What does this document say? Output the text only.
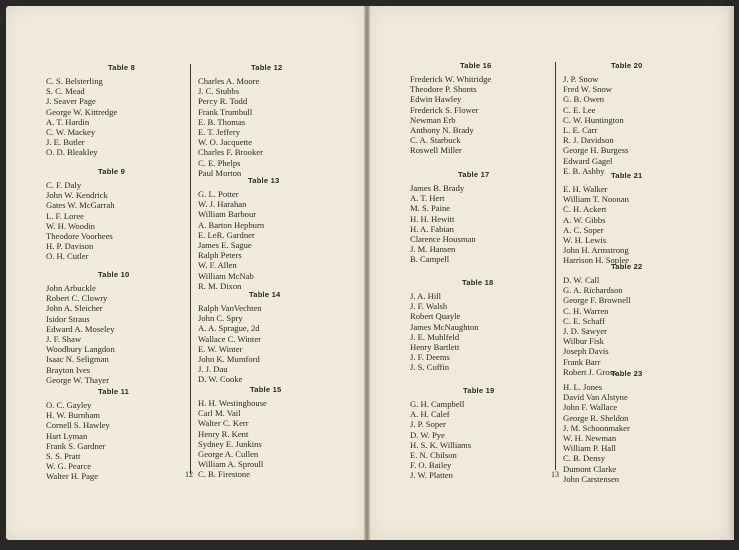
Table 8
C. S. Belsterling
S. C. Mead
J. Seaver Page
George W. Kittredge
A. T. Hardin
C. W. Mackey
J. E. Butler
O. D. Bleakley
Table 9
C. F. Daly
John W. Kendrick
Gates W. McGarrah
L. F. Loree
W. H. Woodin
Theodore Voorhees
H. P. Davison
O. H. Cutler
Table 10
John Arbuckle
Robert C. Clowry
John A. Sleicher
Isidor Straus
Edward A. Moseley
J. F. Shaw
Woodbury Langdon
Isaac N. Seligman
Brayton Ives
George W. Thayer
Table 11
O. C. Gayley
H. W. Burnham
Cornell S. Hawley
Hart Lyman
Frank S. Gardner
S. S. Pratt
W. G. Pearce
Walter H. Page
Table 12
Charles A. Moore
J. C. Stubbs
Percy R. Todd
Frank Trumbull
E. B. Thomas
E. T. Jeffery
W. O. Jacquette
Charles F. Brooker
C. E. Phelps
Paul Morton
Table 13
G. L. Potter
W. J. Harahan
William Barbour
A. Barton Hepburn
E. LeR. Gardner
James E. Sague
Ralph Peters
W. F. Allen
William McNab
R. M. Dixon
Table 14
Ralph VanVechten
John C. Spry
A. A. Sprague, 2d
Wallace C. Winter
E. W. Winter
John K. Mumford
J. J. Dau
D. W. Cooke
Table 15
H. H. Westinghouse
Carl M. Vail
Walter C. Kerr
Henry R. Kent
Sydney E. Junkins
George A. Cullen
William A. Sproull
C. B. Firestone
12
Table 16
Frederick W. Whitridge
Theodore P. Shonts
Edwin Hawley
Frederick S. Flower
Newman Erb
Anthony N. Brady
C. A. Starbuck
Roswell Miller
Table 17
James B. Brady
A. T. Hert
M. S. Paine
H. H. Hewitt
H. A. Fabian
Clarence Housman
J. M. Hansen
B. Campell
Table 18
J. A. Hill
J. F. Walsh
Robert Quayle
James McNaughton
J. E. Muhlfeld
Henry Bartlett
J. F. Deems
J. S. Coffin
Table 19
G. H. Campbell
A. H. Calef
J. P. Soper
D. W. Pye
H. S. K. Williams
E. N. Chilson
F. O. Bailey
J. W. Platten
Table 20
J. P. Snow
Fred W. Snow
G. B. Owen
C. E. Lee
C. W. Huntington
L. E. Carr
R. J. Davidson
George H. Burgess
Edward Gagel
E. B. Ashby Table 21
E. H. Walker
William T. Noonan
C. H. Ackert
A. W. Gibbs
A. C. Soper
W. H. Lewis
John H. Armstrong
Harrison H. Soplee
Table 22
D. W. Call
G. A. Richardson
George F. Brownell
C. H. Warren
C. E. Schaff
J. D. Sawyer
Wilbur Fisk
Joseph Davis
Frank Barr
Robert J. Gross
Table 23
H. L. Jones
David Van Alstyne
John F. Wallace
George R. Sheldon
J. M. Schoonmaker
W. H. Newman
William P. Hall
C. B. Densy
Dumont Clarke
John Carstensen
13
